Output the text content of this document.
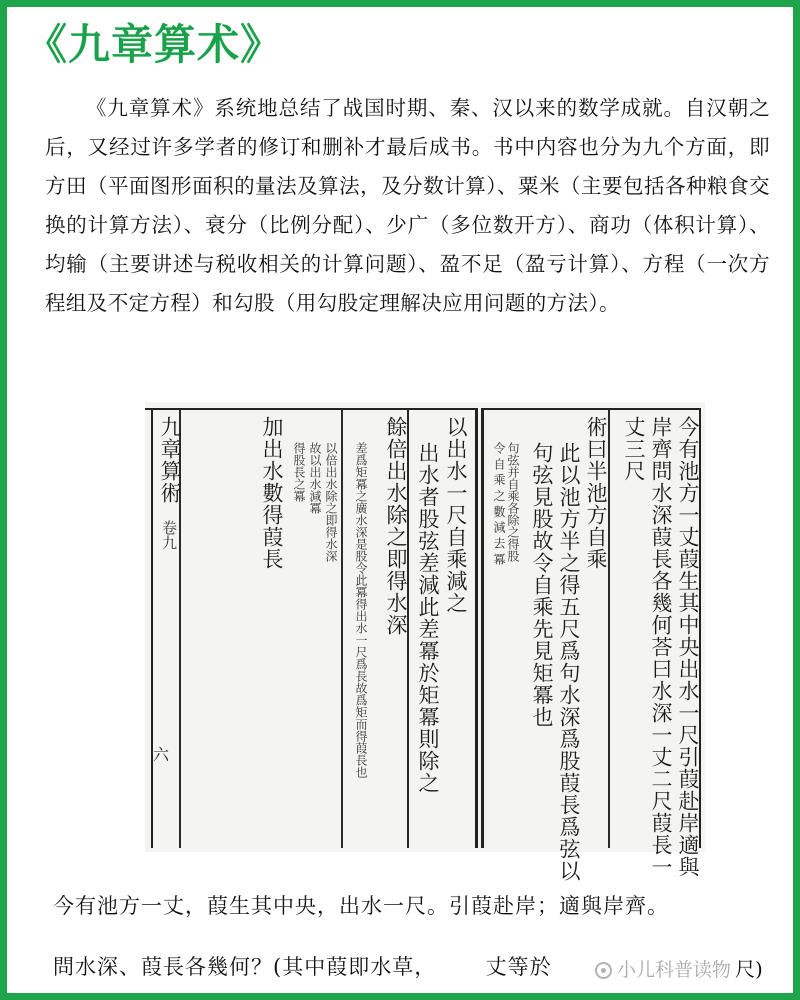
《九章算术》

《九章算术》系统地总结了战国时期、秦、汉以来的数学成就。自汉朝之后，又经过许多学者的修订和删补才最后成书。书中内容也分为九个方面，即方田（平面图形面积的量法及算法，及分数计算）、粟米（主要包括各种粮食交换的计算方法）、衰分（比例分配）、少广（多位数开方）、商功（体积计算）、均输（主要讲述与税收相关的计算问题）、盈不足（盈亏计算）、方程（一次方程组及不定方程）和勾股（用勾股定理解决应用问题的方法）。

今有池方一丈葭生其中央出水一尺引葭赴岸適與
岸齊問水深葭長各幾何荅曰水深一丈二尺葭長一
丈三尺
術曰半池方自乘
此以池方半之得五尺爲句水深爲股葭長爲弦以
句弦見股故令自乘先見矩冪也
句弦并自乘各除之得股
令 自 乘 之 數 減 去 冪
以出水一尺自乘減之
出水者股弦差減此差冪於矩冪則除之
餘倍出水除之即得水深
差爲矩冪之廣水深是股令此冪得出水一尺爲長故爲矩而得葭長也
以倍出水除之即得水深
故以出水減冪
得股長之冪
加出水數得葭長
九章算術
卷九
六

今有池方一丈，葭生其中央，出水一尺。引葭赴岸；適與岸齊。

問水深、葭長各幾何？(其中葭即水草， 丈等於	小儿科普读物 尺)
